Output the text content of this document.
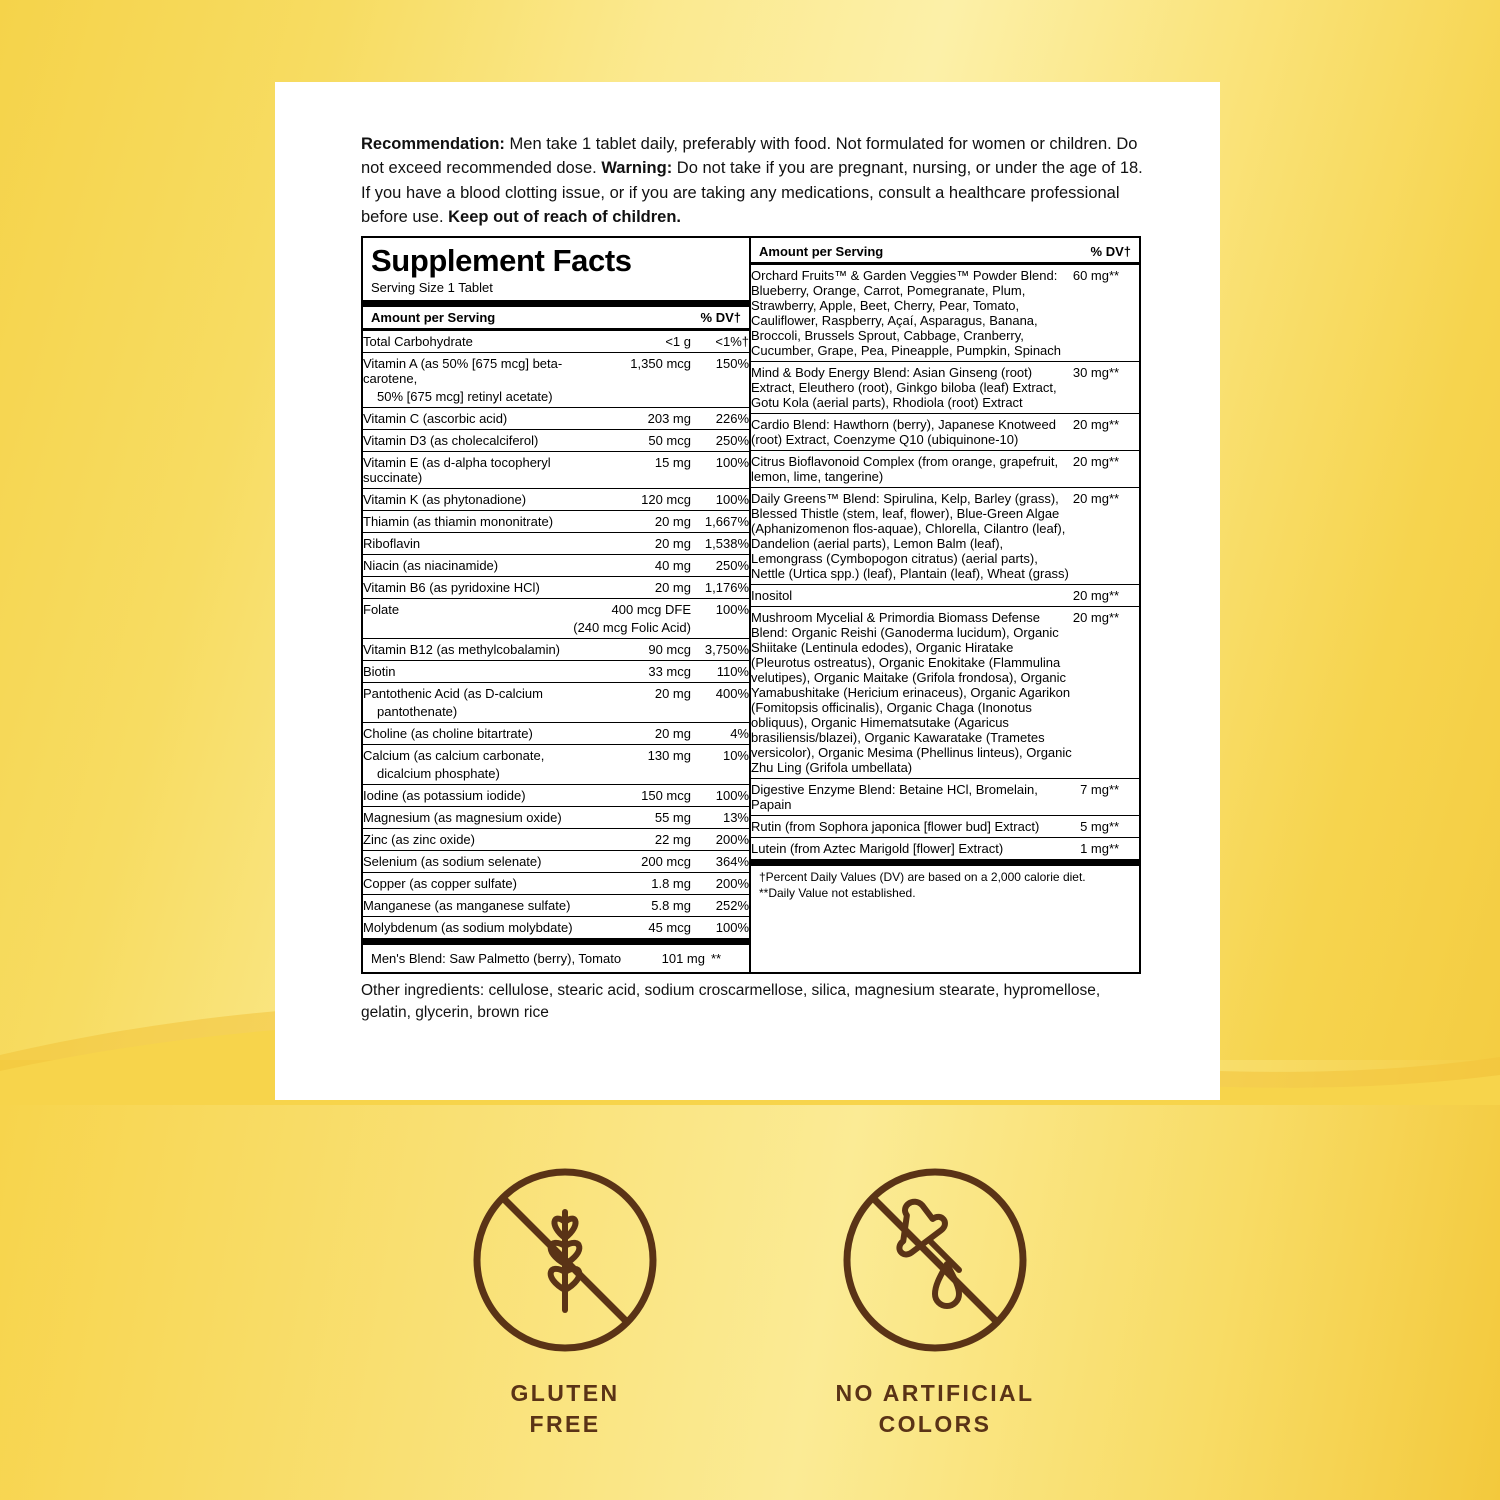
Recommendation: Men take 1 tablet daily, preferably with food. Not formulated for women or children. Do not exceed recommended dose. Warning: Do not take if you are pregnant, nursing, or under the age of 18. If you have a blood clotting issue, or if you are taking any medications, consult a healthcare professional before use. Keep out of reach of children.
Supplement Facts
Serving Size 1 Tablet
Amount per Serving	% DV†
Total Carbohydrate	<1 g	<1%†
Vitamin A (as 50% [675 mcg] beta-carotene,	1,350 mcg	150%
50% [675 mcg] retinyl acetate)		
Vitamin C (ascorbic acid)	203 mg	226%
Vitamin D3 (as cholecalciferol)	50 mcg	250%
Vitamin E (as d-alpha tocopheryl succinate)	15 mg	100%
Vitamin K (as phytonadione)	120 mcg	100%
Thiamin (as thiamin mononitrate)	20 mg	1,667%
Riboflavin	20 mg	1,538%
Niacin (as niacinamide)	40 mg	250%
Vitamin B6 (as pyridoxine HCl)	20 mg	1,176%
Folate	400 mcg DFE	100%
	(240 mcg Folic Acid)	
Vitamin B12 (as methylcobalamin)	90 mcg	3,750%
Biotin	33 mcg	110%
Pantothenic Acid (as D-calcium	20 mg	400%
pantothenate)		
Choline (as choline bitartrate)	20 mg	4%
Calcium (as calcium carbonate,	130 mg	10%
dicalcium phosphate)		
Iodine (as potassium iodide)	150 mcg	100%
Magnesium (as magnesium oxide)	55 mg	13%
Zinc (as zinc oxide)	22 mg	200%
Selenium (as sodium selenate)	200 mcg	364%
Copper (as copper sulfate)	1.8 mg	200%
Manganese (as manganese sulfate)	5.8 mg	252%
Molybdenum (as sodium molybdate)	45 mcg	100%
Men's Blend: Saw Palmetto (berry), Tomato	101 mg **
Amount per Serving	% DV†
Orchard Fruits™ & Garden Veggies™ Powder Blend: Blueberry, Orange, Carrot, Pomegranate, Plum, Strawberry, Apple, Beet, Cherry, Pear, Tomato, Cauliflower, Raspberry, Açaí, Asparagus, Banana, Broccoli, Brussels Sprout, Cabbage, Cranberry, Cucumber, Grape, Pea, Pineapple, Pumpkin, Spinach	60 mg	**
Mind & Body Energy Blend: Asian Ginseng (root) Extract, Eleuthero (root), Ginkgo biloba (leaf) Extract, Gotu Kola (aerial parts), Rhodiola (root) Extract	30 mg	**
Cardio Blend: Hawthorn (berry), Japanese Knotweed (root) Extract, Coenzyme Q10 (ubiquinone-10)	20 mg	**
Citrus Bioflavonoid Complex (from orange, grapefruit, lemon, lime, tangerine)	20 mg	**
Daily Greens™ Blend: Spirulina, Kelp, Barley (grass), Blessed Thistle (stem, leaf, flower), Blue-Green Algae (Aphanizomenon flos-aquae), Chlorella, Cilantro (leaf), Dandelion (aerial parts), Lemon Balm (leaf), Lemongrass (Cymbopogon citratus) (aerial parts), Nettle (Urtica spp.) (leaf), Plantain (leaf), Wheat (grass)	20 mg	**
Inositol	20 mg	**
Mushroom Mycelial & Primordia Biomass Defense Blend: Organic Reishi (Ganoderma lucidum), Organic Shiitake (Lentinula edodes), Organic Hiratake (Pleurotus ostreatus), Organic Enokitake (Flammulina velutipes), Organic Maitake (Grifola frondosa), Organic Yamabushitake (Hericium erinaceus), Organic Agarikon (Fomitopsis officinalis), Organic Chaga (Inonotus obliquus), Organic Himematsutake (Agaricus brasiliensis/blazei), Organic Kawaratake (Trametes versicolor), Organic Mesima (Phellinus linteus), Organic Zhu Ling (Grifola umbellata)	20 mg	**
Digestive Enzyme Blend: Betaine HCl, Bromelain, Papain	7 mg	**
Rutin (from Sophora japonica [flower bud] Extract)	5 mg	**
Lutein (from Aztec Marigold [flower] Extract)	1 mg	**
†Percent Daily Values (DV) are based on a 2,000 calorie diet.
**Daily Value not established.
Other ingredients: cellulose, stearic acid, sodium croscarmellose, silica, magnesium stearate, hypromellose, gelatin, glycerin, brown rice
GLUTEN
FREE
NO ARTIFICIAL
COLORS
